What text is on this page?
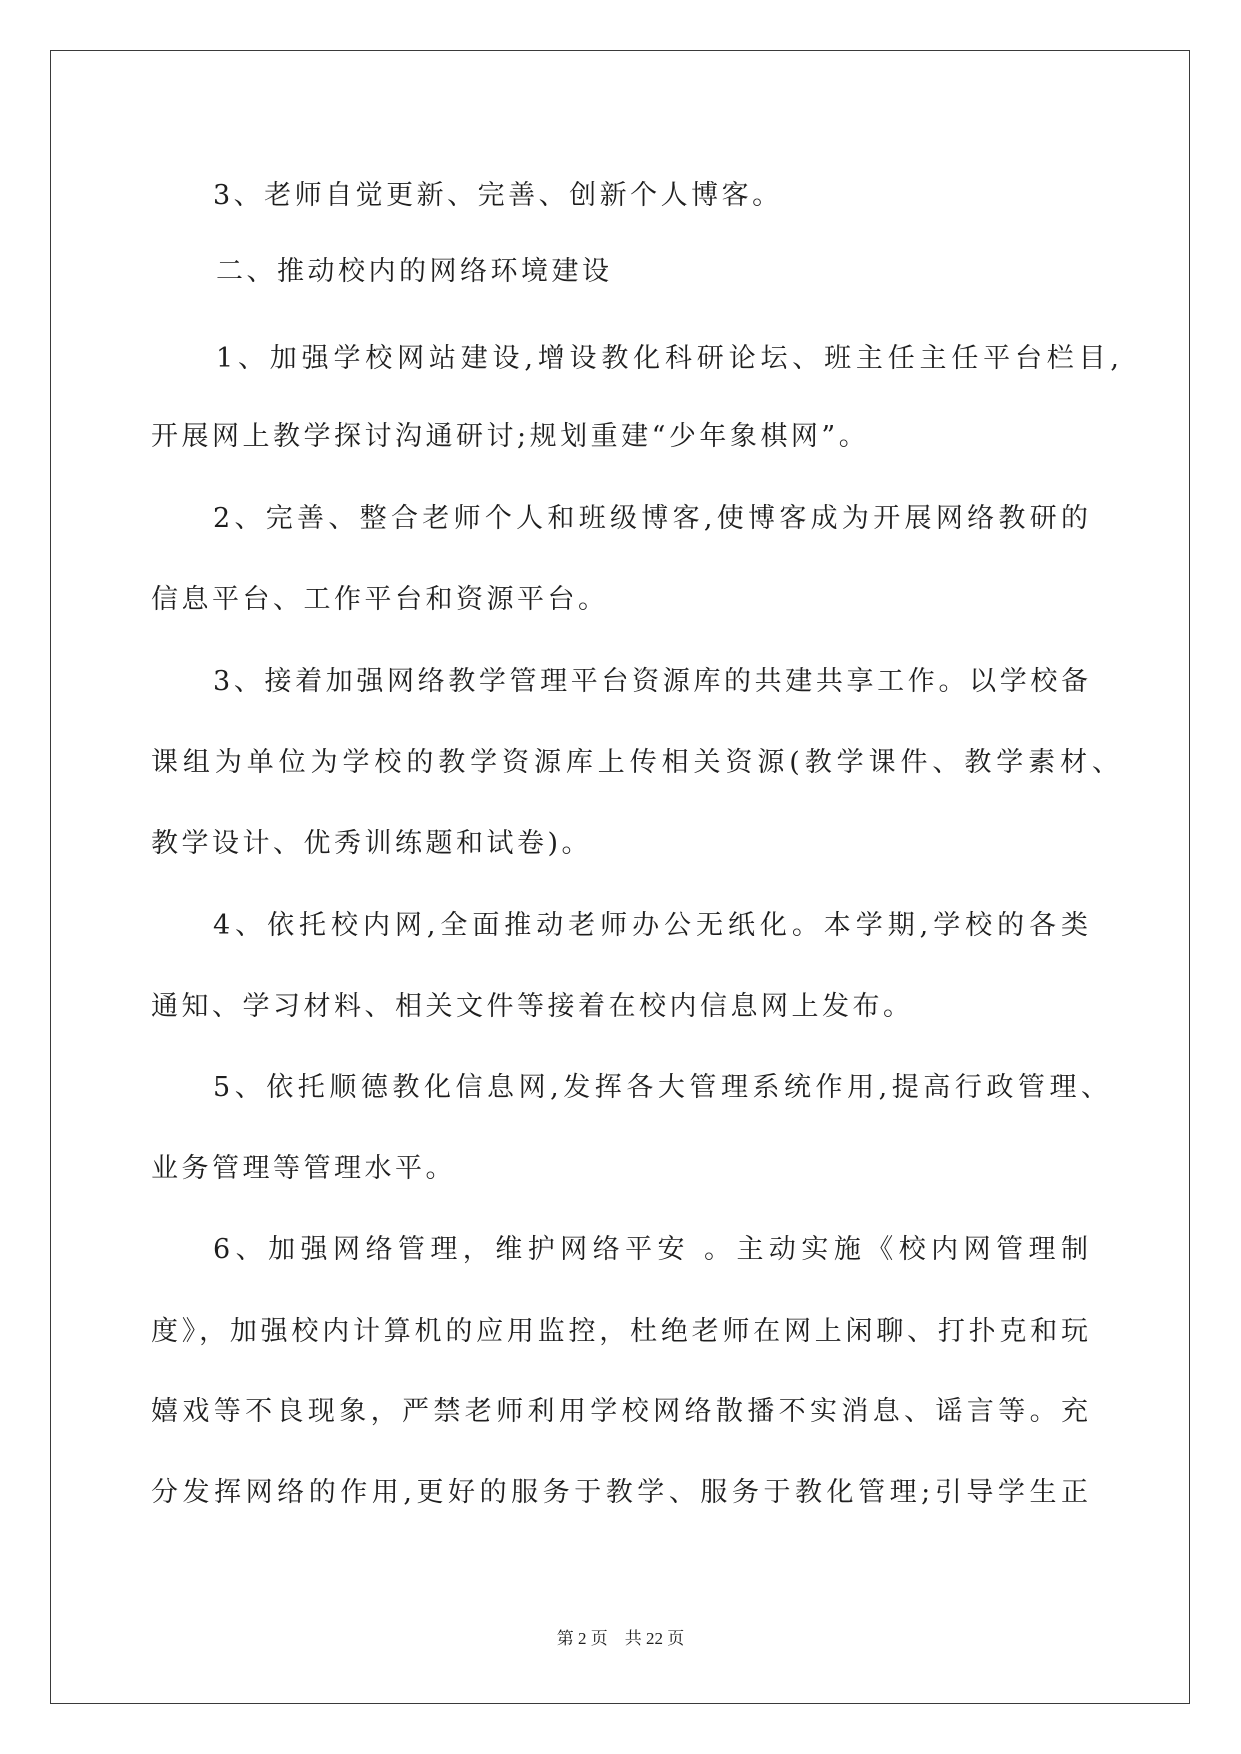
3、老师自觉更新、完善、创新个人博客。
二、推动校内的网络环境建设
1、加强学校网站建设,增设教化科研论坛、班主任主任平台栏目,
开展网上教学探讨沟通研讨;规划重建“少年象棋网”。
2、完善、整合老师个人和班级博客,使博客成为开展网络教研的
信息平台、工作平台和资源平台。
3、接着加强网络教学管理平台资源库的共建共享工作。以学校备
课组为单位为学校的教学资源库上传相关资源(教学课件、教学素材、
教学设计、优秀训练题和试卷)。
4、依托校内网,全面推动老师办公无纸化。本学期,学校的各类
通知、学习材料、相关文件等接着在校内信息网上发布。
5、依托顺德教化信息网,发挥各大管理系统作用,提高行政管理、
业务管理等管理水平。
6、加强网络管理，维护网络平安 。主动实施《校内网管理制
度》，加强校内计算机的应用监控，杜绝老师在网上闲聊、打扑克和玩
嬉戏等不良现象，严禁老师利用学校网络散播不实消息、谣言等。充
分发挥网络的作用,更好的服务于教学、服务于教化管理;引导学生正
第 2 页　共 22 页
